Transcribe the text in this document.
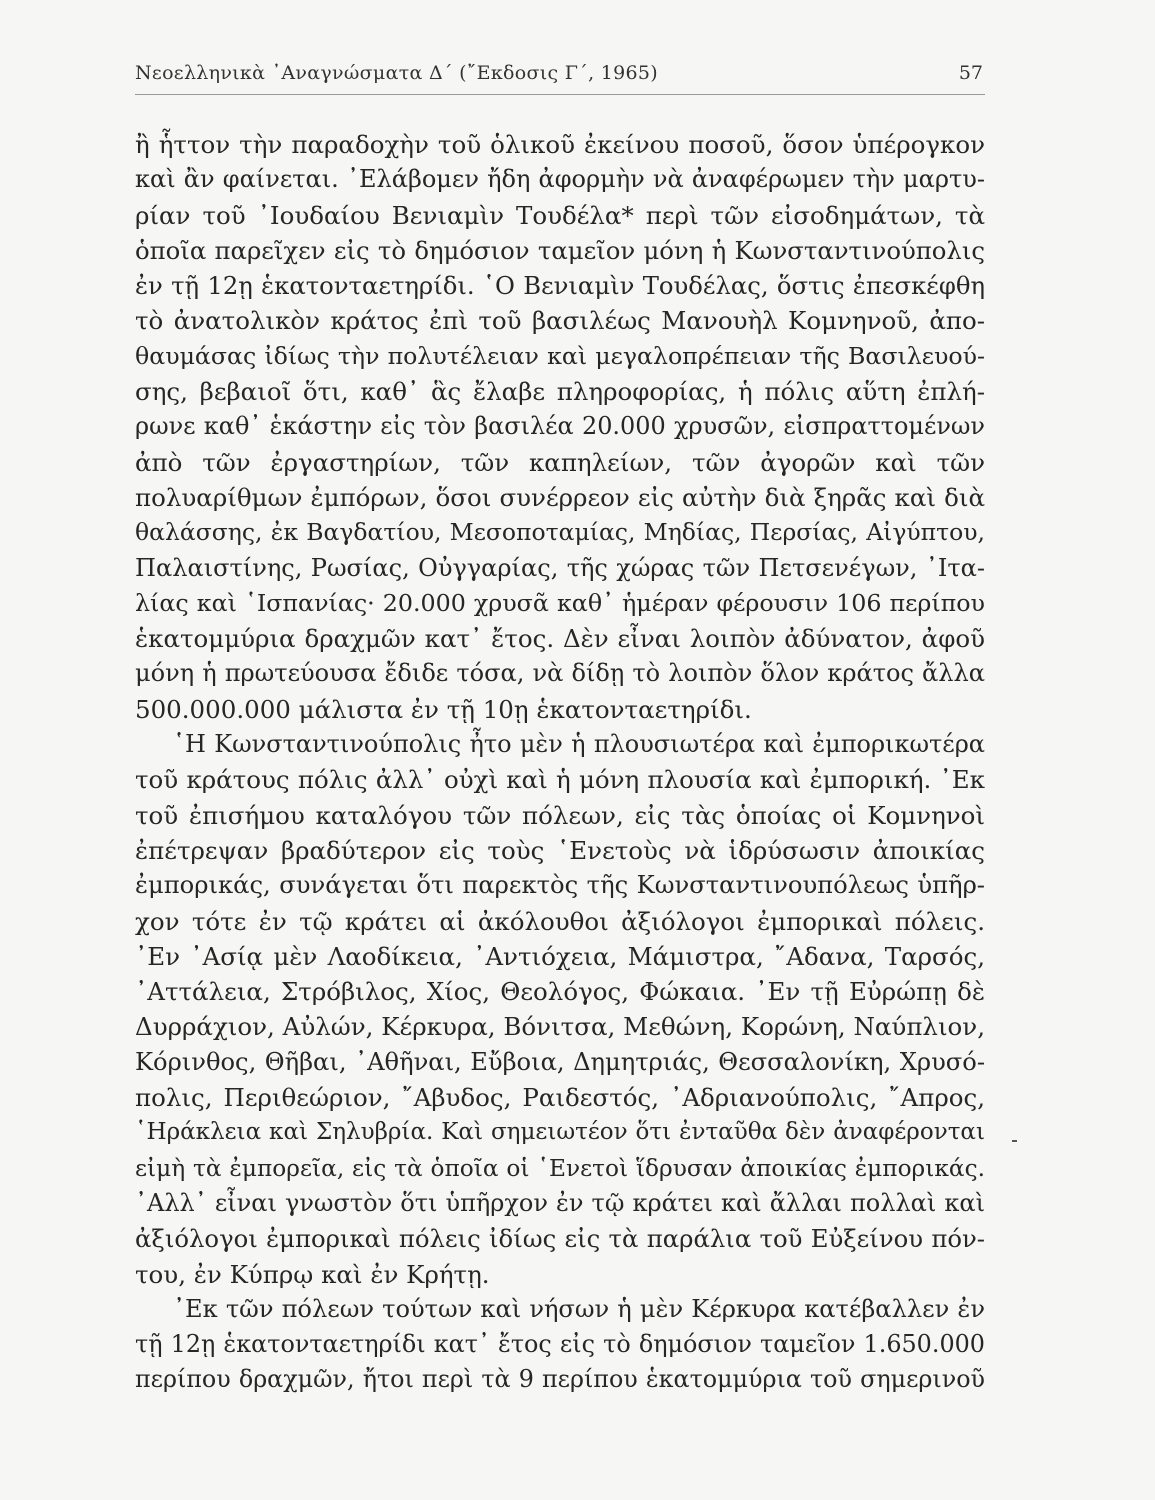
Νεοελληνικὰ ᾿Αναγνώσματα Δ΄ (῎Εκδοσις Γ΄, 1965)	57
ἢ ἧττον τὴν παραδοχὴν τοῦ ὁλικοῦ ἐκείνου ποσοῦ, ὅσον ὑπέρογκον
καὶ ἂν φαίνεται. ᾿Ελάβομεν ἤδη ἀφορμὴν νὰ ἀναφέρωμεν τὴν μαρτυ-
ρίαν τοῦ ᾿Ιουδαίου Βενιαμὶν Τουδέλα* περὶ τῶν εἰσοδημάτων, τὰ
ὁποῖα παρεῖχεν εἰς τὸ δημόσιον ταμεῖον μόνη ἡ Κωνσταντινούπολις
ἐν τῇ 12ῃ ἑκατονταετηρίδι. ῾Ο Βενιαμὶν Τουδέλας, ὅστις ἐπεσκέφθη
τὸ ἀνατολικὸν κράτος ἐπὶ τοῦ βασιλέως Μανουὴλ Κομνηνοῦ, ἀπο-
θαυμάσας ἰδίως τὴν πολυτέλειαν καὶ μεγαλοπρέπειαν τῆς Βασιλευού-
σης, βεβαιοῖ ὅτι, καθ᾿ ἃς ἔλαβε πληροφορίας, ἡ πόλις αὕτη ἐπλή-
ρωνε καθ᾿ ἑκάστην εἰς τὸν βασιλέα 20.000 χρυσῶν, εἰσπραττομένων
ἀπὸ τῶν ἐργαστηρίων, τῶν καπηλείων, τῶν ἀγορῶν καὶ τῶν
πολυαρίθμων ἐμπόρων, ὅσοι συνέρρεον εἰς αὐτὴν διὰ ξηρᾶς καὶ διὰ
θαλάσσης, ἐκ Βαγδατίου, Μεσοποταμίας, Μηδίας, Περσίας, Αἰγύπτου,
Παλαιστίνης, Ρωσίας, Οὐγγαρίας, τῆς χώρας τῶν Πετσενέγων, ᾿Ιτα-
λίας καὶ ῾Ισπανίας· 20.000 χρυσᾶ καθ᾿ ἡμέραν φέρουσιν 106 περίπου
ἑκατομμύρια δραχμῶν κατ᾿ ἔτος. Δὲν εἶναι λοιπὸν ἀδύνατον, ἀφοῦ
μόνη ἡ πρωτεύουσα ἔδιδε τόσα, νὰ δίδῃ τὸ λοιπὸν ὅλον κράτος ἄλλα
500.000.000 μάλιστα ἐν τῇ 10ῃ ἑκατονταετηρίδι.
῾Η Κωνσταντινούπολις ἦτο μὲν ἡ πλουσιωτέρα καὶ ἐμπορικωτέρα
τοῦ κράτους πόλις ἀλλ᾿ οὐχὶ καὶ ἡ μόνη πλουσία καὶ ἐμπορική. ᾿Εκ
τοῦ ἐπισήμου καταλόγου τῶν πόλεων, εἰς τὰς ὁποίας οἱ Κομνηνοὶ
ἐπέτρεψαν βραδύτερον εἰς τοὺς ῾Ενετοὺς νὰ ἱδρύσωσιν ἀποικίας
ἐμπορικάς, συνάγεται ὅτι παρεκτὸς τῆς Κωνσταντινουπόλεως ὑπῆρ-
χον τότε ἐν τῷ κράτει αἱ ἀκόλουθοι ἀξιόλογοι ἐμπορικαὶ πόλεις.
᾿Εν ᾿Ασίᾳ μὲν Λαοδίκεια, ᾿Αντιόχεια, Μάμιστρα, ῎Αδανα, Ταρσός,
᾿Αττάλεια, Στρόβιλος, Χίος, Θεολόγος, Φώκαια. ᾿Εν τῇ Εὐρώπῃ δὲ
Δυρράχιον, Αὐλών, Κέρκυρα, Βόνιτσα, Μεθώνη, Κορώνη, Ναύπλιον,
Κόρινθος, Θῆβαι, ᾿Αθῆναι, Εὔβοια, Δημητριάς, Θεσσαλονίκη, Χρυσό-
πολις, Περιθεώριον, ῎Αβυδος, Ραιδεστός, ᾿Αδριανούπολις, ῎Απρος,
῾Ηράκλεια καὶ Σηλυβρία. Καὶ σημειωτέον ὅτι ἐνταῦθα δὲν ἀναφέρονται
εἰμὴ τὰ ἐμπορεῖα, εἰς τὰ ὁποῖα οἱ ῾Ενετοὶ ἵδρυσαν ἀποικίας ἐμπορικάς.
᾿Αλλ᾿ εἶναι γνωστὸν ὅτι ὑπῆρχον ἐν τῷ κράτει καὶ ἄλλαι πολλαὶ καὶ
ἀξιόλογοι ἐμπορικαὶ πόλεις ἰδίως εἰς τὰ παράλια τοῦ Εὐξείνου πόν-
του, ἐν Κύπρῳ καὶ ἐν Κρήτῃ.
᾿Εκ τῶν πόλεων τούτων καὶ νήσων ἡ μὲν Κέρκυρα κατέβαλλεν ἐν
τῇ 12ῃ ἑκατονταετηρίδι κατ᾿ ἔτος εἰς τὸ δημόσιον ταμεῖον 1.650.000
περίπου δραχμῶν, ἤτοι περὶ τὰ 9 περίπου ἑκατομμύρια τοῦ σημερινοῦ
